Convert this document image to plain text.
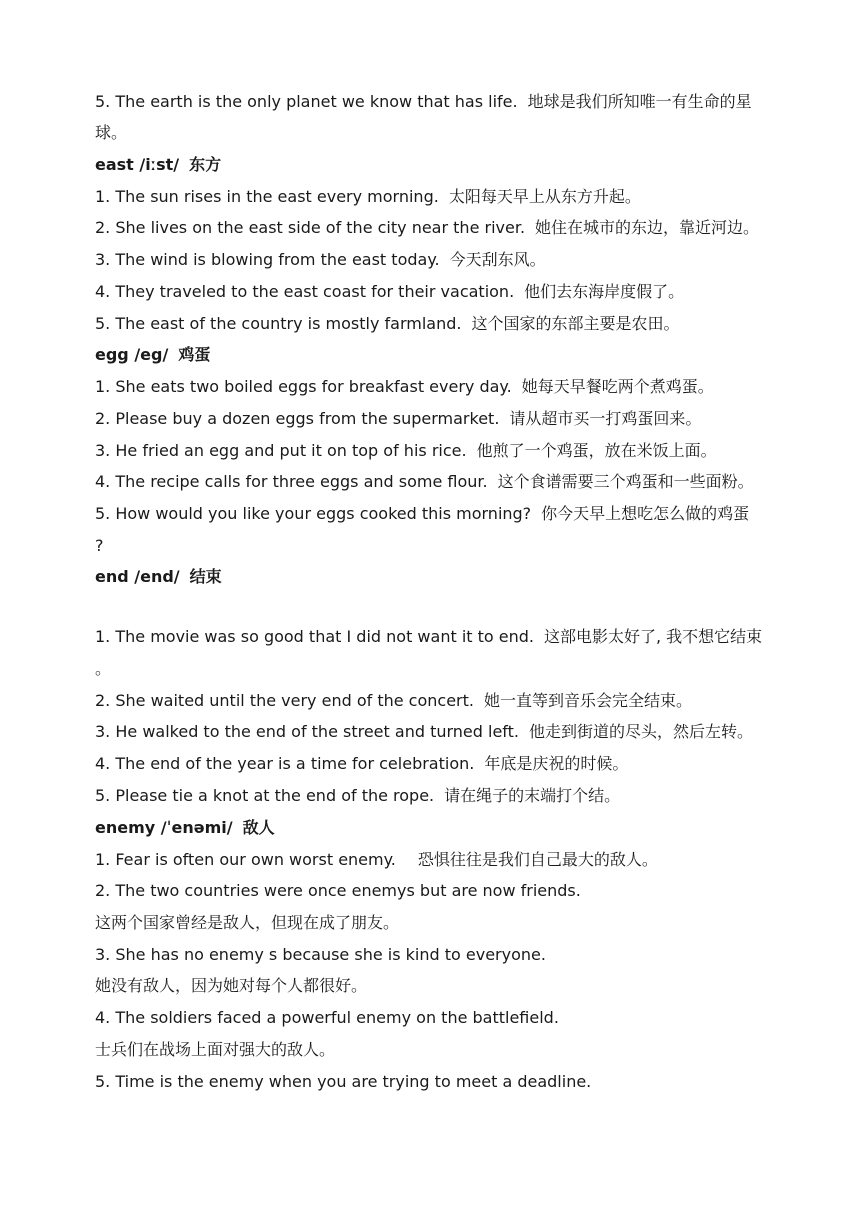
5. The earth is the only planet we know that has life. 地球是我们所知唯一有生命的星

球。

east /iːst/ 东方

1. The sun rises in the east every morning. 太阳每天早上从东方升起。

2. She lives on the east side of the city near the river. 她住在城市的东边，靠近河边。

3. The wind is blowing from the east today. 今天刮东风。

4. They traveled to the east coast for their vacation. 他们去东海岸度假了。

5. The east of the country is mostly farmland. 这个国家的东部主要是农田。

egg /eg/ 鸡蛋

1. She eats two boiled eggs for breakfast every day. 她每天早餐吃两个煮鸡蛋。

2. Please buy a dozen eggs from the supermarket. 请从超市买一打鸡蛋回来。

3. He fried an egg and put it on top of his rice. 他煎了一个鸡蛋，放在米饭上面。

4. The recipe calls for three eggs and some flour. 这个食谱需要三个鸡蛋和一些面粉。

5. How would you like your eggs cooked this morning? 你今天早上想吃怎么做的鸡蛋

?

end /end/ 结束

1. The movie was so good that I did not want it to end. 这部电影太好了, 我不想它结束

。

2. She waited until the very end of the concert. 她一直等到音乐会完全结束。

3. He walked to the end of the street and turned left. 他走到街道的尽头，然后左转。

4. The end of the year is a time for celebration. 年底是庆祝的时候。

5. Please tie a knot at the end of the rope. 请在绳子的末端打个结。

enemy /ˈenəmi/ 敌人

1. Fear is often our own worst enemy. 恐惧往往是我们自己最大的敌人。

2. The two countries were once enemys but are now friends.

这两个国家曾经是敌人，但现在成了朋友。

3. She has no enemy s because she is kind to everyone.

她没有敌人，因为她对每个人都很好。

4. The soldiers faced a powerful enemy on the battlefield.

士兵们在战场上面对强大的敌人。

5. Time is the enemy when you are trying to meet a deadline.
